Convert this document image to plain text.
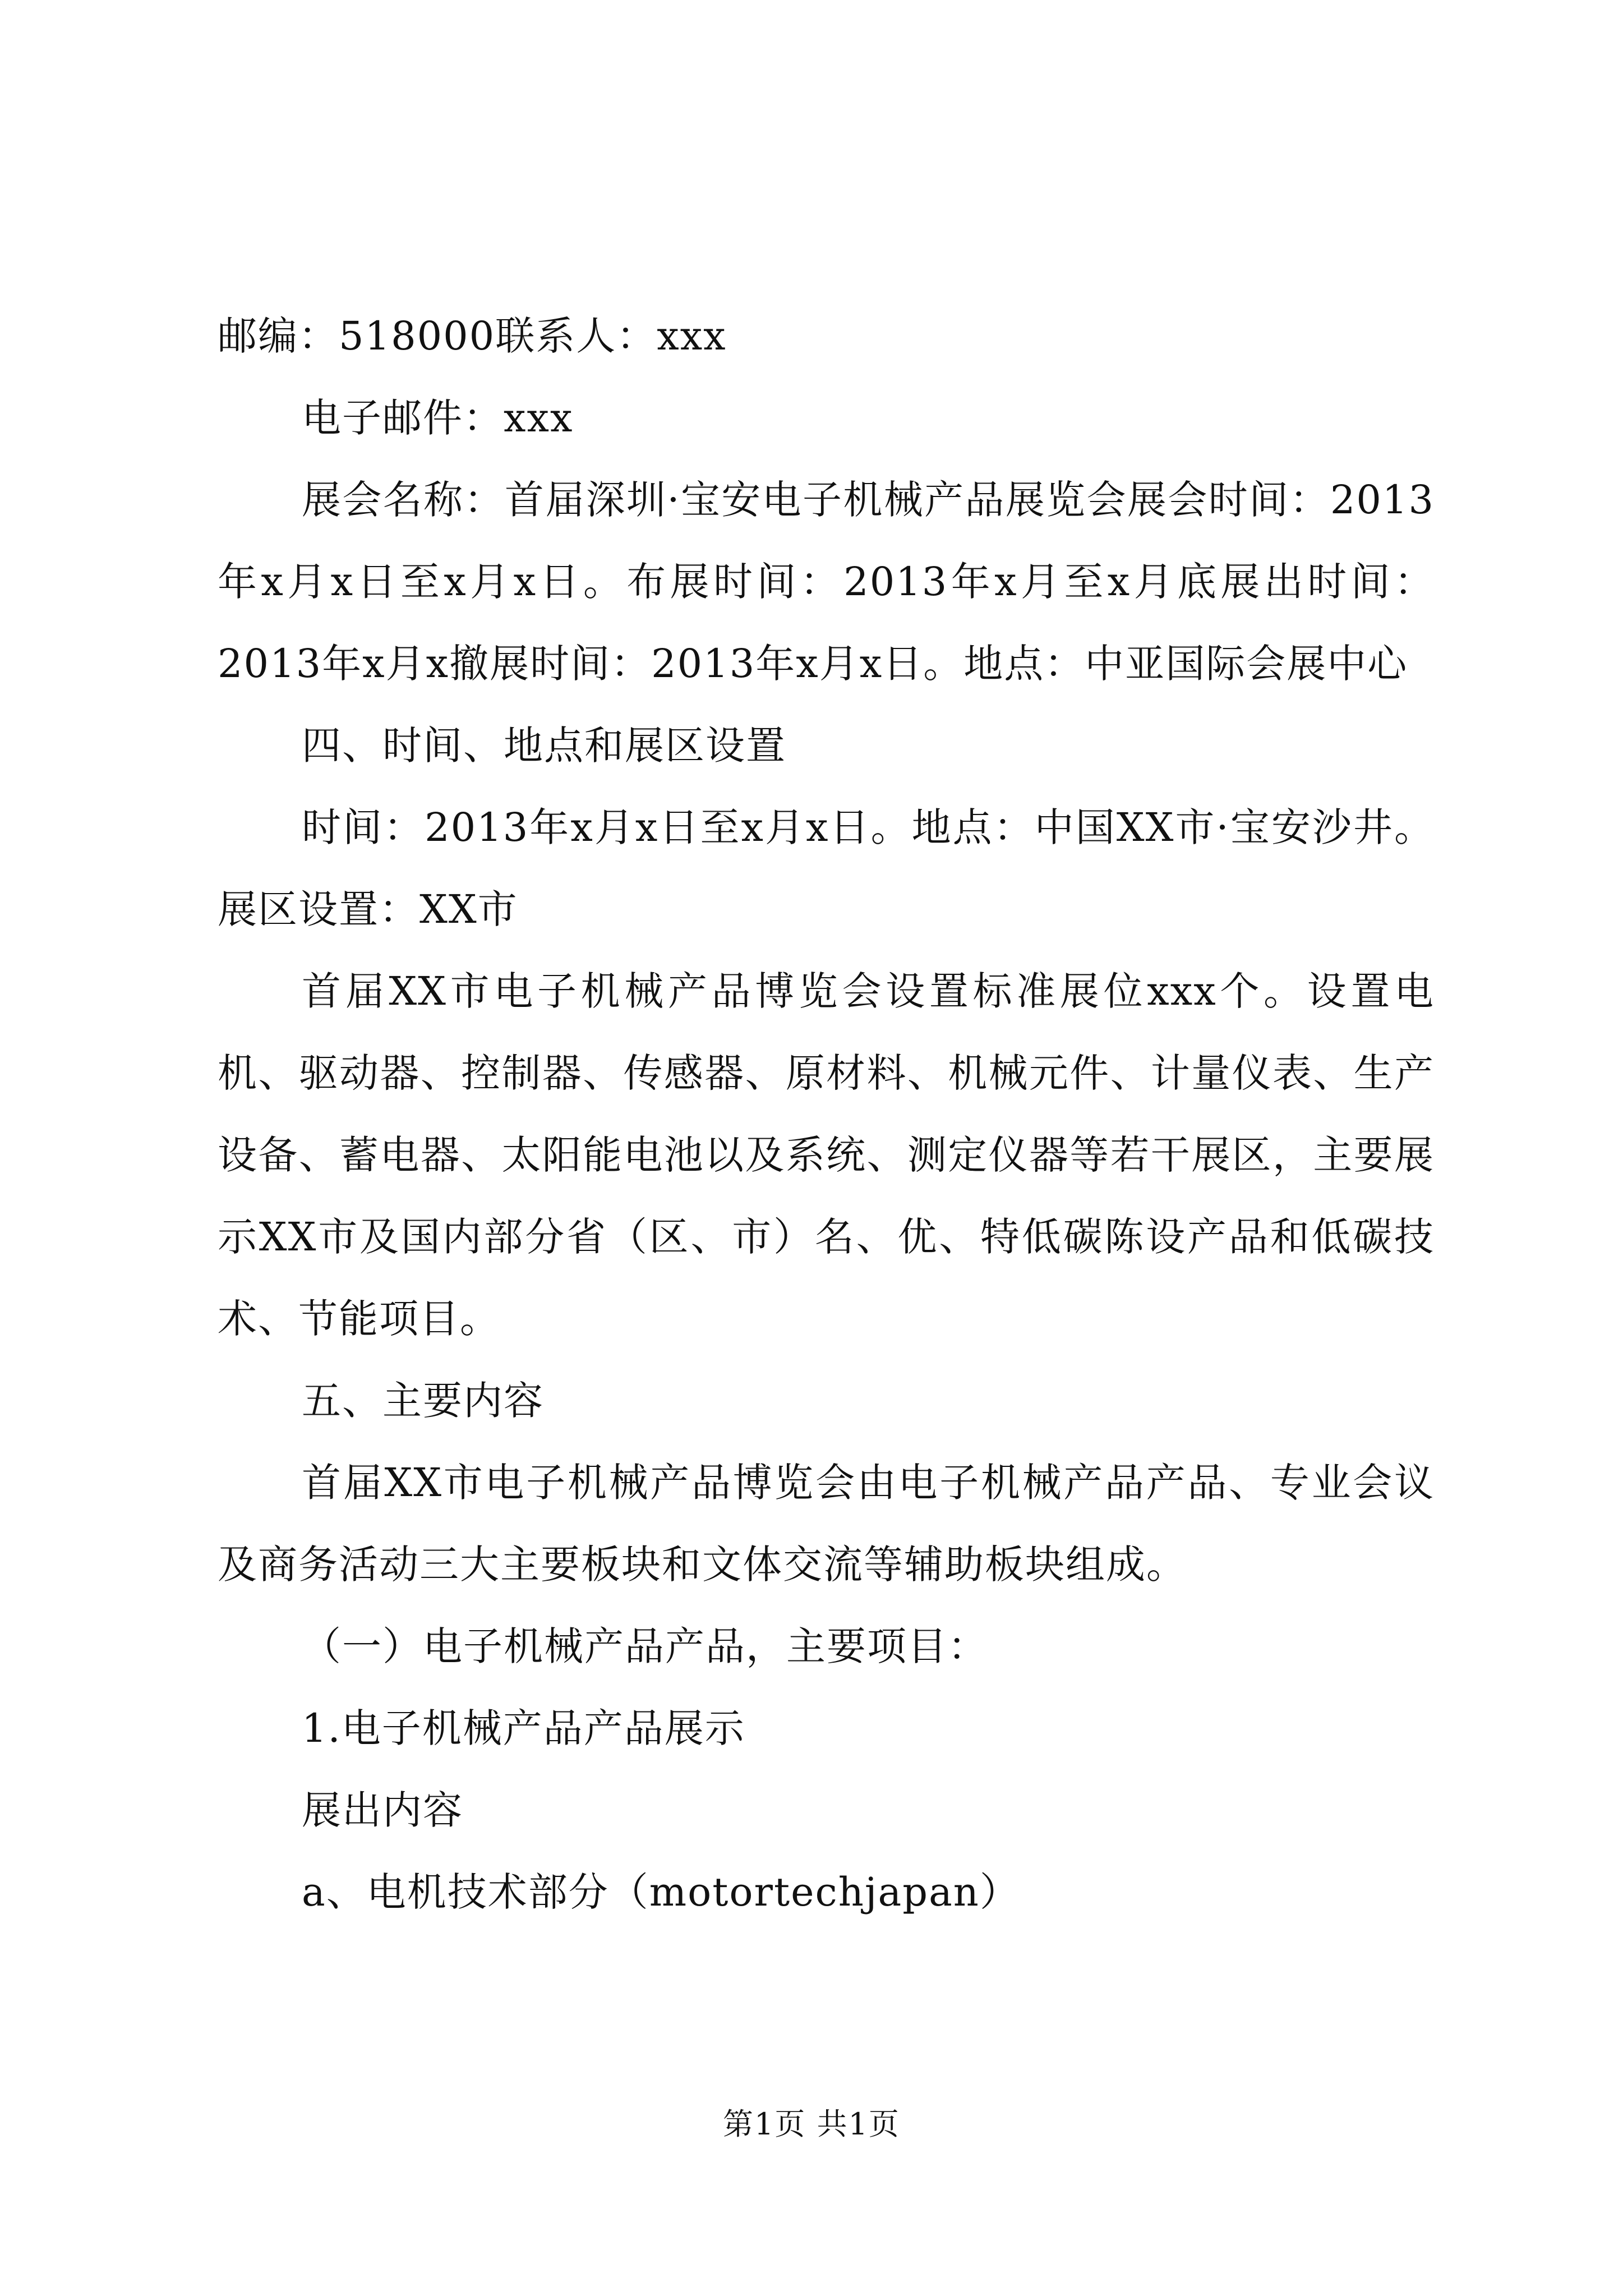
邮编：518000联系人：xxx

电子邮件：xxx

展会名称：首届深圳·宝安电子机械产品展览会展会时间：2013年x月x日至x月x日。布展时间：2013年x月至x月底展出时间：2013年x月x撤展时间：2013年x月x日。地点：中亚国际会展中心

四、时间、地点和展区设置

时间：2013年x月x日至x月x日。地点：中国XX市·宝安沙井。展区设置：XX市

首届XX市电子机械产品博览会设置标准展位xxx个。设置电机、驱动器、控制器、传感器、原材料、机械元件、计量仪表、生产设备、蓄电器、太阳能电池以及系统、测定仪器等若干展区，主要展示XX市及国内部分省（区、市）名、优、特低碳陈设产品和低碳技术、节能项目。

五、主要内容

首届XX市电子机械产品博览会由电子机械产品产品、专业会议及商务活动三大主要板块和文体交流等辅助板块组成。

（一）电子机械产品产品，主要项目：

1.电子机械产品产品展示

展出内容

a、电机技术部分（motortechjapan）

第1页 共1页
